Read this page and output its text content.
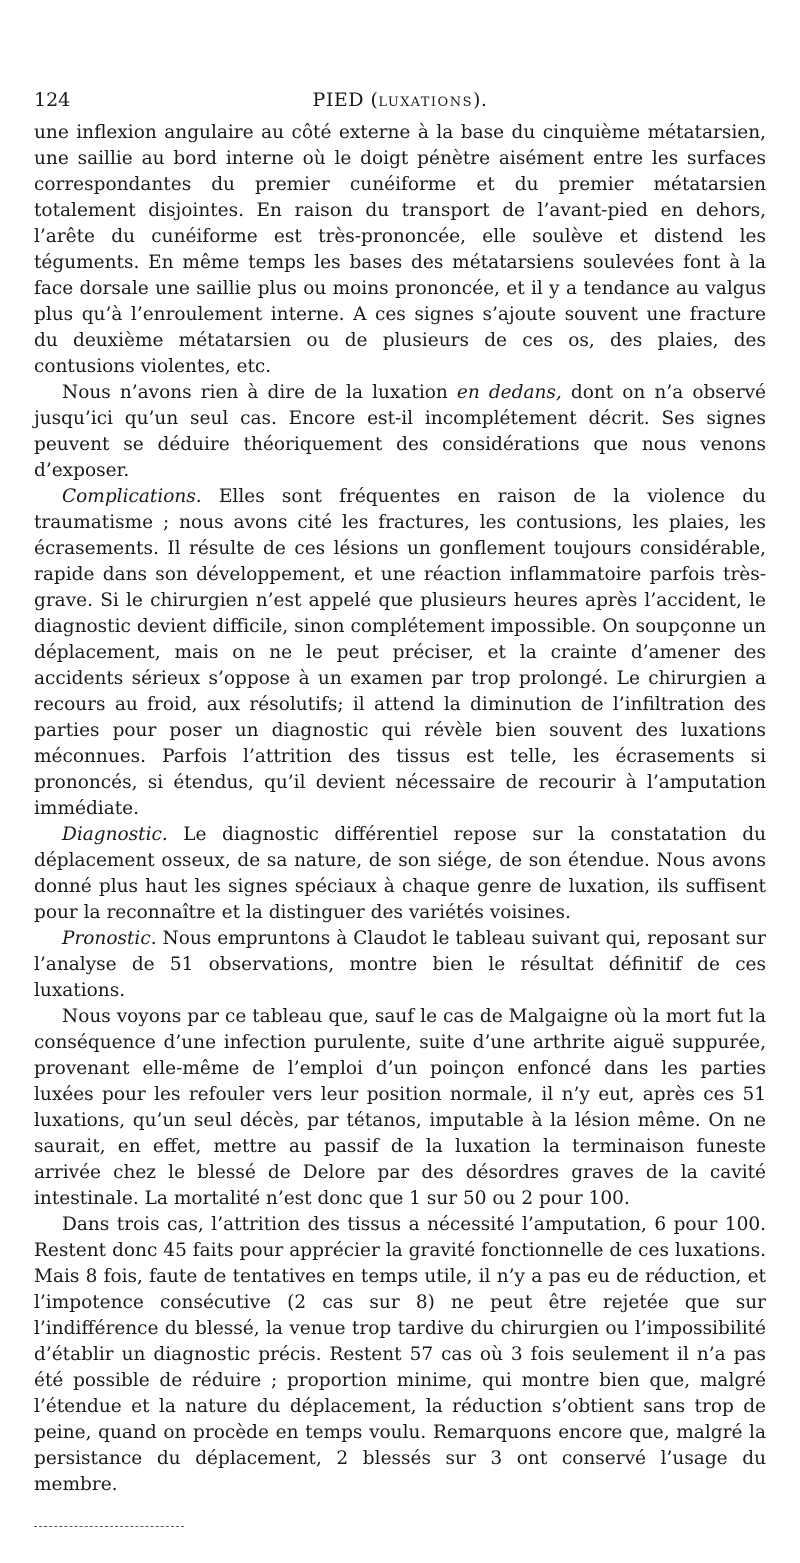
124	PIED (LUXATIONS).

une inflexion angulaire au côté externe à la base du cinquième métatarsien, une saillie au bord interne où le doigt pénètre aisément entre les surfaces correspondantes du premier cunéiforme et du premier métatarsien totalement disjointes. En raison du transport de l’avant-pied en dehors, l’arête du cunéiforme est très-prononcée, elle soulève et distend les téguments. En même temps les bases des métatarsiens soulevées font à la face dorsale une saillie plus ou moins prononcée, et il y a tendance au valgus plus qu’à l’enroulement interne. A ces signes s’ajoute souvent une fracture du deuxième métatarsien ou de plusieurs de ces os, des plaies, des contusions violentes, etc.

Nous n’avons rien à dire de la luxation en dedans, dont on n’a observé jusqu’ici qu’un seul cas. Encore est-il incomplétement décrit. Ses signes peuvent se déduire théoriquement des considérations que nous venons d’exposer.

Complications. Elles sont fréquentes en raison de la violence du traumatisme ; nous avons cité les fractures, les contusions, les plaies, les écrasements. Il résulte de ces lésions un gonflement toujours considérable, rapide dans son développement, et une réaction inflammatoire parfois très-grave. Si le chirurgien n’est appelé que plusieurs heures après l’accident, le diagnostic devient difficile, sinon complétement impossible. On soupçonne un déplacement, mais on ne le peut préciser, et la crainte d’amener des accidents sérieux s’oppose à un examen par trop prolongé. Le chirurgien a recours au froid, aux résolutifs; il attend la diminution de l’infiltration des parties pour poser un diagnostic qui révèle bien souvent des luxations méconnues. Parfois l’attrition des tissus est telle, les écrasements si prononcés, si étendus, qu’il devient nécessaire de recourir à l’amputation immédiate.

Diagnostic. Le diagnostic différentiel repose sur la constatation du déplacement osseux, de sa nature, de son siége, de son étendue. Nous avons donné plus haut les signes spéciaux à chaque genre de luxation, ils suffisent pour la reconnaître et la distinguer des variétés voisines.

Pronostic. Nous empruntons à Claudot le tableau suivant qui, reposant sur l’analyse de 51 observations, montre bien le résultat définitif de ces luxations.

Nous voyons par ce tableau que, sauf le cas de Malgaigne où la mort fut la conséquence d’une infection purulente, suite d’une arthrite aiguë suppurée, provenant elle-même de l’emploi d’un poinçon enfoncé dans les parties luxées pour les refouler vers leur position normale, il n’y eut, après ces 51 luxations, qu’un seul décès, par tétanos, imputable à la lésion même. On ne saurait, en effet, mettre au passif de la luxation la terminaison funeste arrivée chez le blessé de Delore par des désordres graves de la cavité intestinale. La mortalité n’est donc que 1 sur 50 ou 2 pour 100.

Dans trois cas, l’attrition des tissus a nécessité l’amputation, 6 pour 100. Restent donc 45 faits pour apprécier la gravité fonctionnelle de ces luxations. Mais 8 fois, faute de tentatives en temps utile, il n’y a pas eu de réduction, et l’impotence consécutive (2 cas sur 8) ne peut être rejetée que sur l’indifférence du blessé, la venue trop tardive du chirurgien ou l’impossibilité d’établir un diagnostic précis. Restent 57 cas où 3 fois seulement il n’a pas été possible de réduire ; proportion minime, qui montre bien que, malgré l’étendue et la nature du déplacement, la réduction s’obtient sans trop de peine, quand on procède en temps voulu. Remarquons encore que, malgré la persistance du déplacement, 2 blessés sur 3 ont conservé l’usage du membre.
